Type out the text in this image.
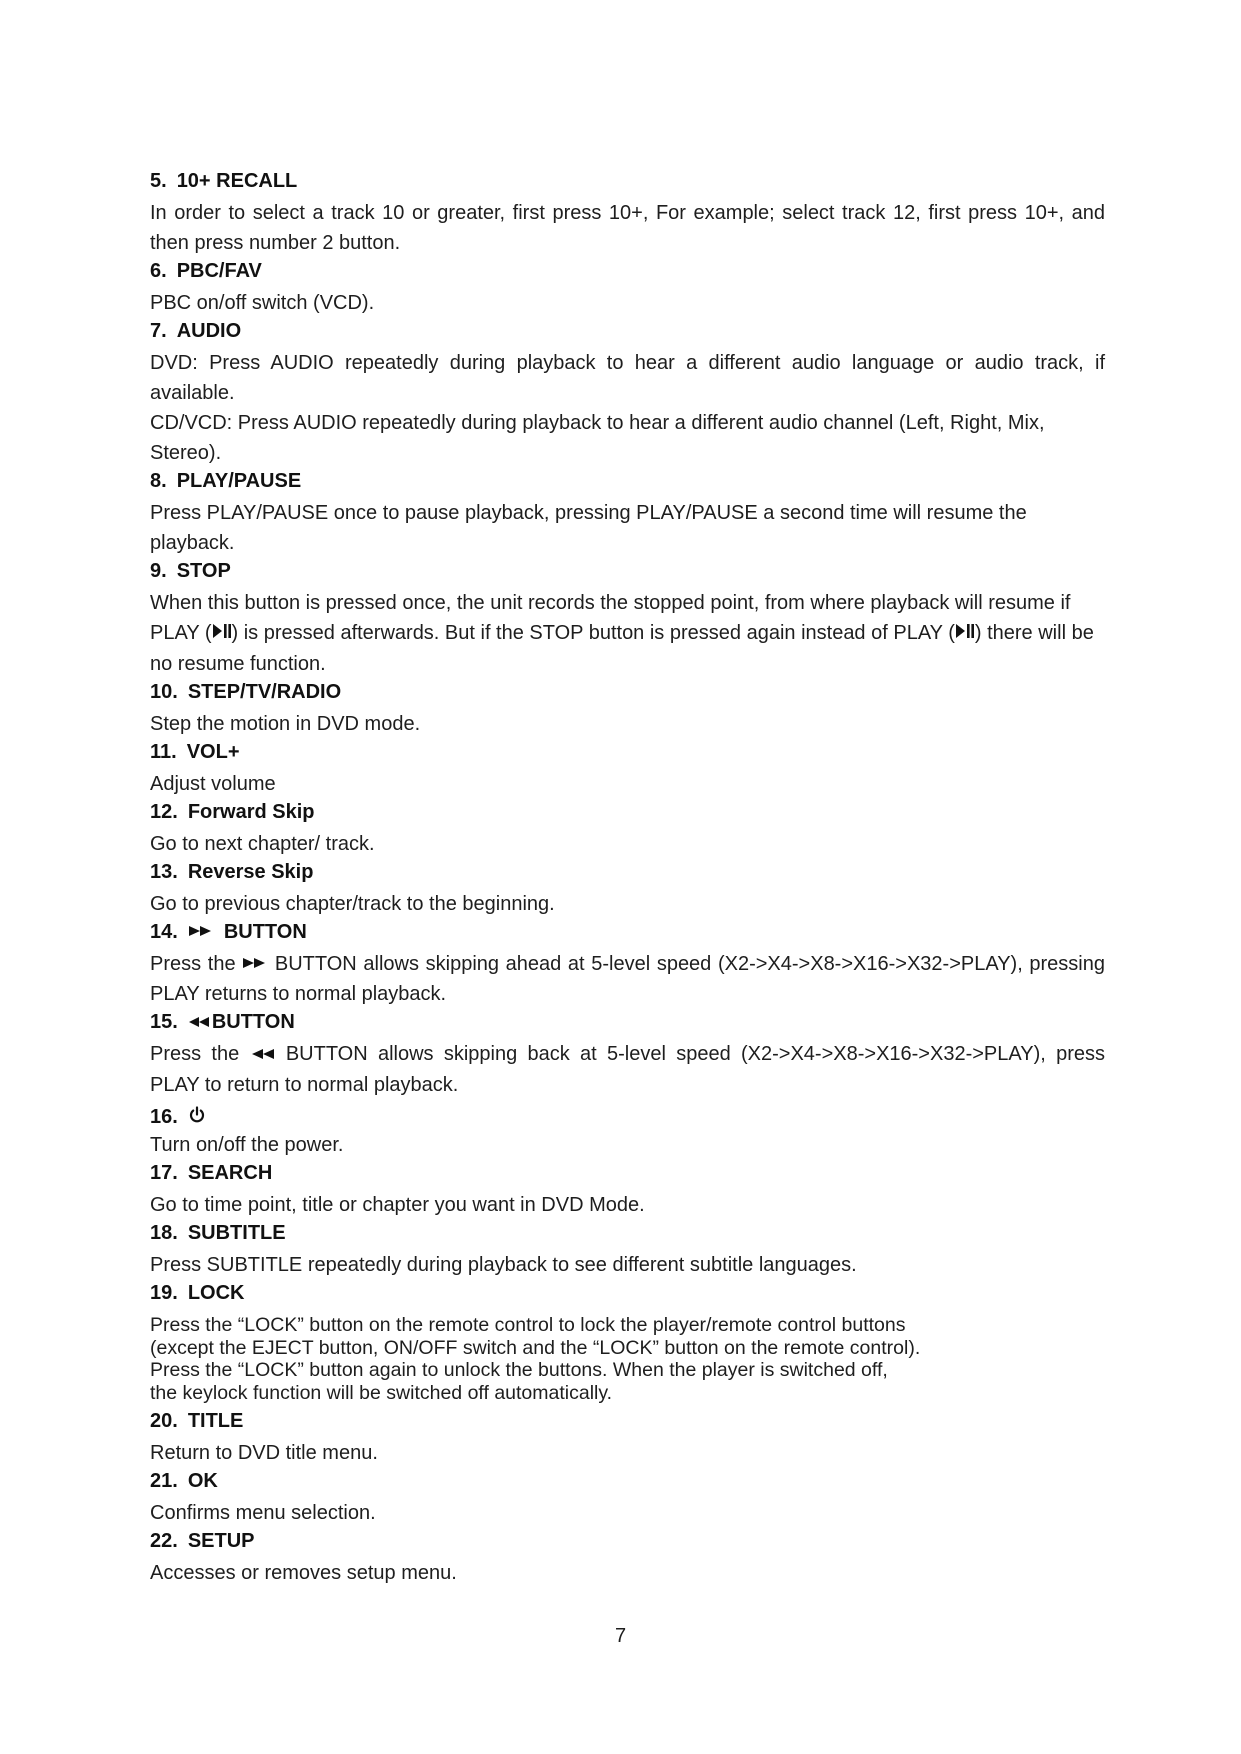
5. 10+ RECALL

In order to select a track 10 or greater, first press 10+, For example; select track 12, first press 10+, and then press number 2 button.

6. PBC/FAV

PBC on/off switch (VCD).

7. AUDIO

DVD: Press AUDIO repeatedly during playback to hear a different audio language or audio track, if available.

CD/VCD: Press AUDIO repeatedly during playback to hear a different audio channel (Left, Right, Mix, Stereo).

8. PLAY/PAUSE

Press PLAY/PAUSE once to pause playback, pressing PLAY/PAUSE a second time will resume the playback.

9. STOP

When this button is pressed once, the unit records the stopped point, from where playback will resume if PLAY ( ) is pressed afterwards. But if the STOP button is pressed again instead of PLAY ( ) there will be no resume function.

10. STEP/TV/RADIO

Step the motion in DVD mode.

11. VOL+

Adjust volume

12. Forward Skip

Go to next chapter/ track.

13. Reverse Skip

Go to previous chapter/track to the beginning.

14. BUTTON

Press the BUTTON allows skipping ahead at 5-level speed (X2->X4->X8->X16->X32->PLAY), pressing PLAY returns to normal playback.

15. BUTTON

Press the BUTTON allows skipping back at 5-level speed (X2->X4->X8->X16->X32->PLAY), press PLAY to return to normal playback.

16.

Turn on/off the power.

17. SEARCH

Go to time point, title or chapter you want in DVD Mode.

18. SUBTITLE

Press SUBTITLE repeatedly during playback to see different subtitle languages.

19. LOCK
Press the “LOCK” button on the remote control to lock the player/remote control buttons
(except the EJECT button, ON/OFF switch and the “LOCK” button on the remote control).
Press the “LOCK” button again to unlock the buttons. When the player is switched off,
the keylock function will be switched off automatically.
20. TITLE

Return to DVD title menu.

21. OK

Confirms menu selection.

22. SETUP

Accesses or removes setup menu.

7
